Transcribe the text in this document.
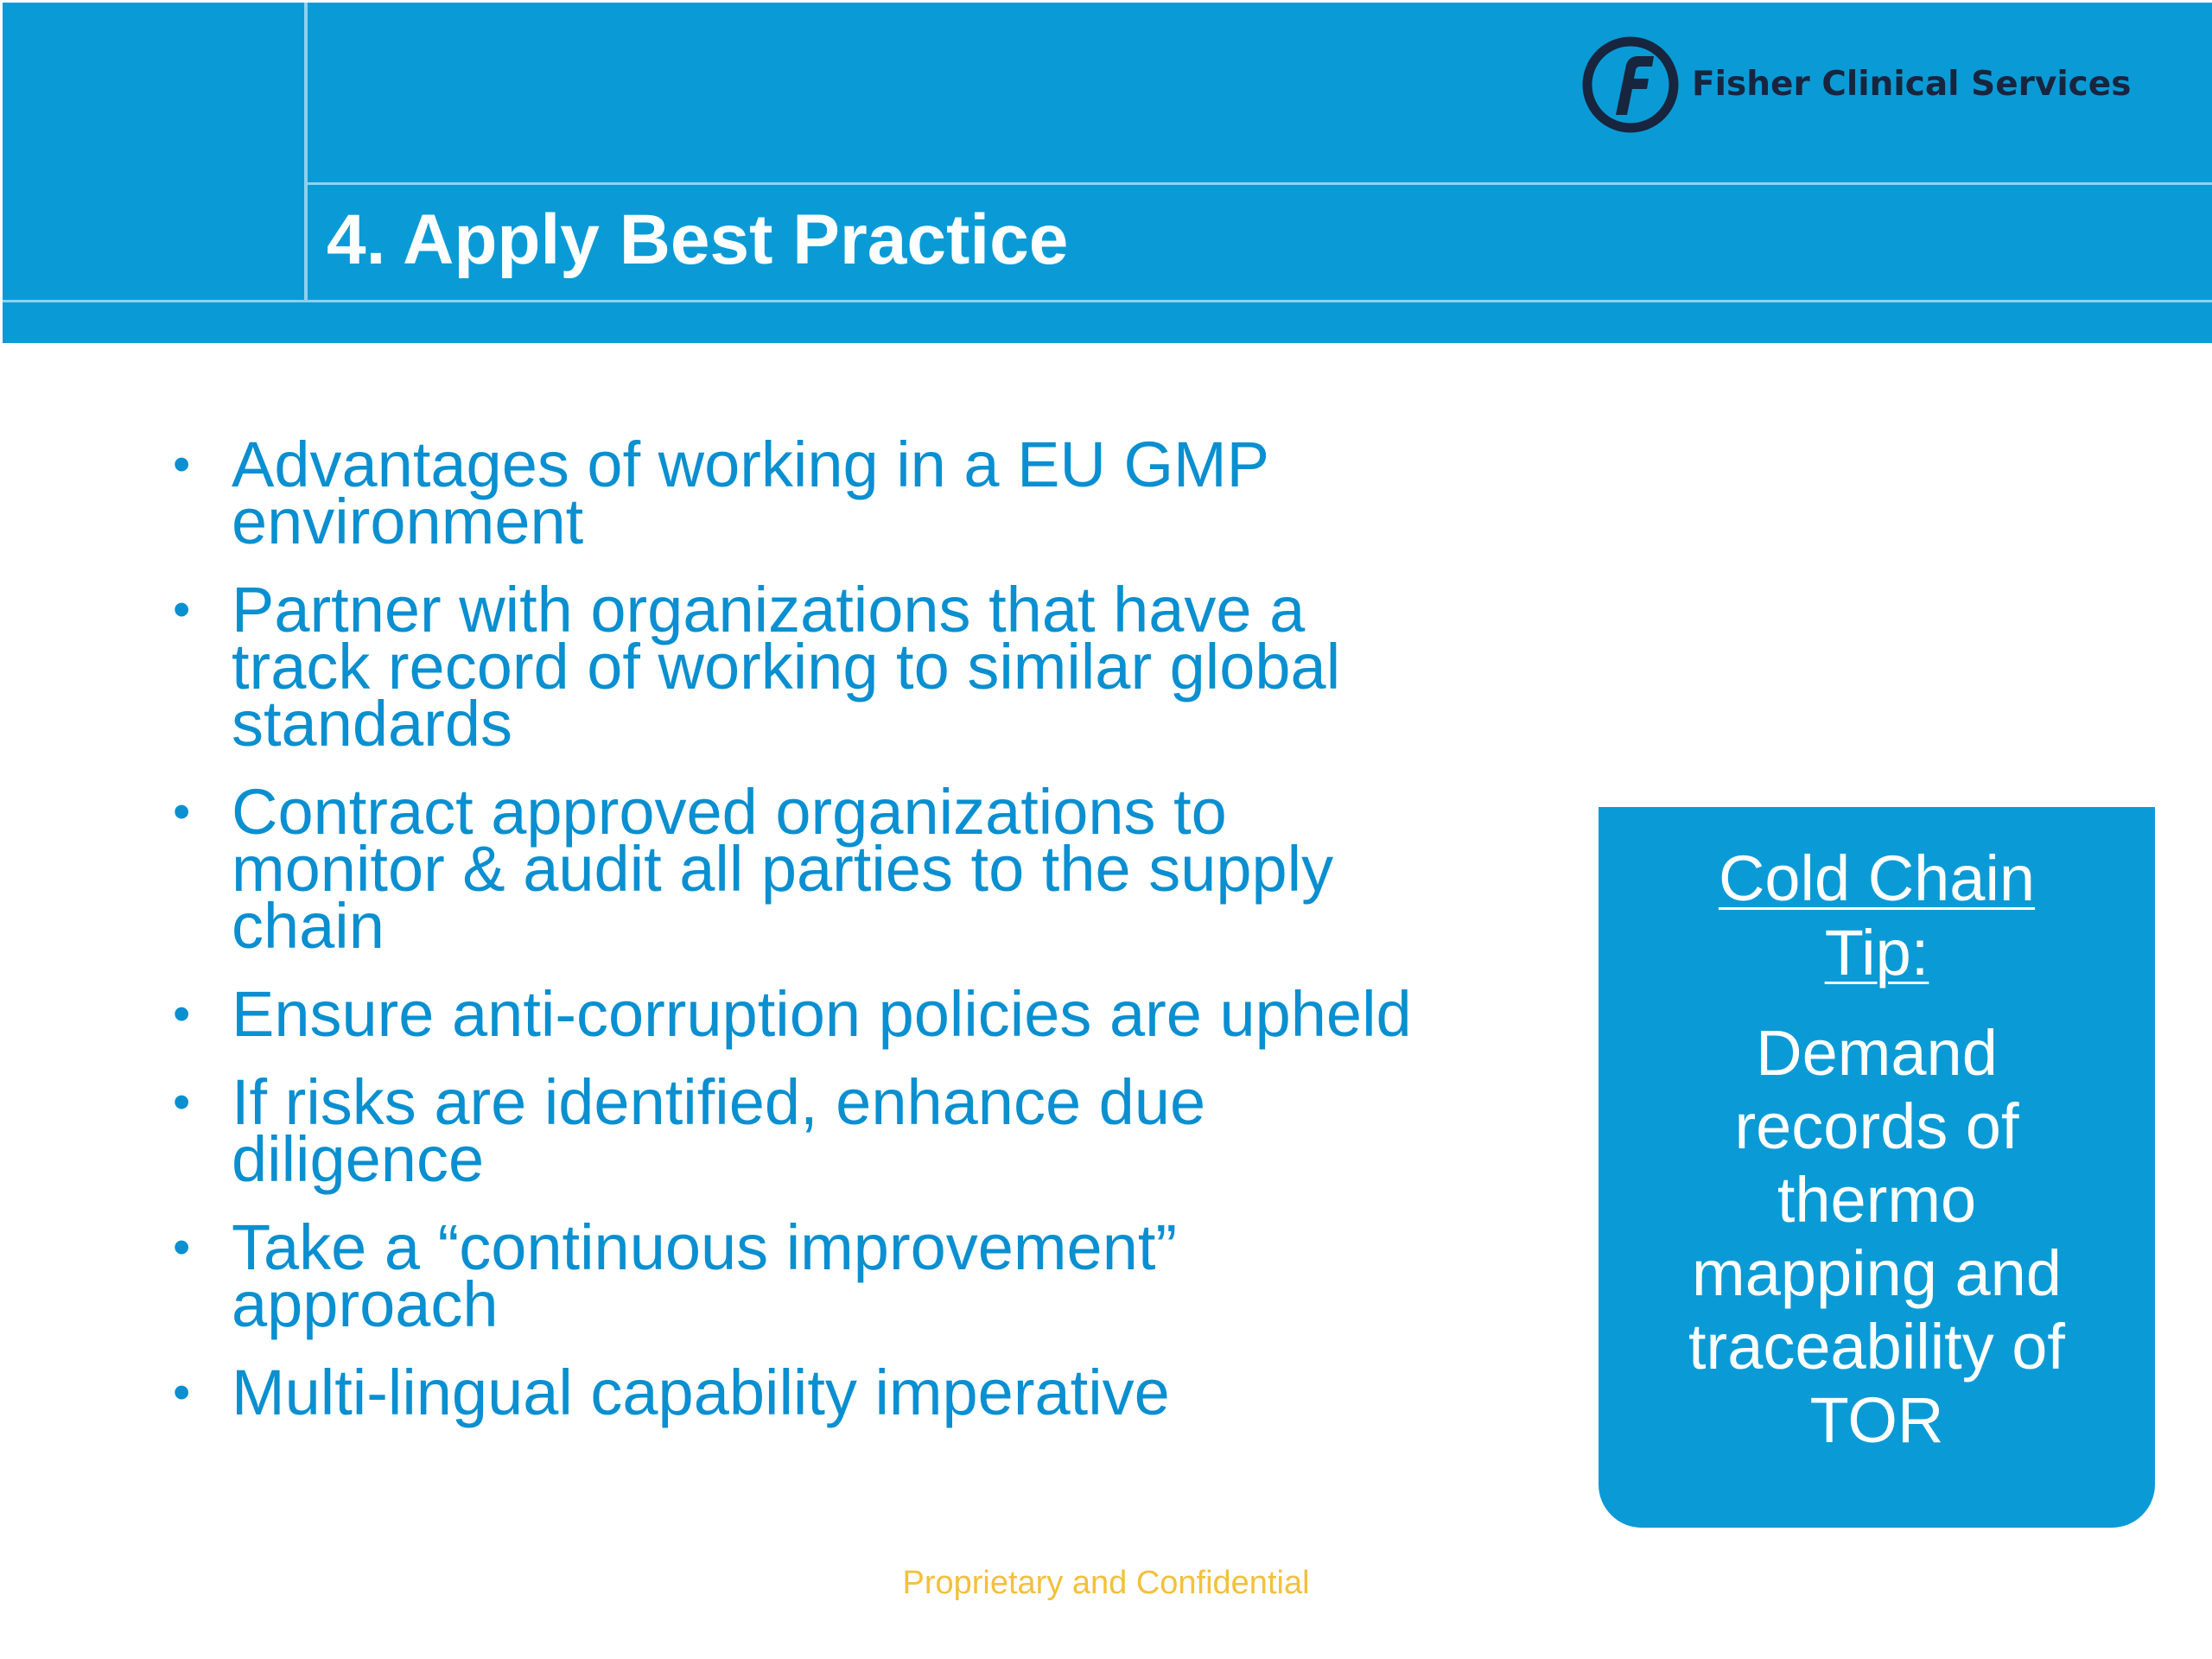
4. Apply Best Practice
Fisher Clinical Services
• Advantages of working in a EU GMP
environment
• Partner with organizations that have a
track record of working to similar global
standards
• Contract approved organizations to
monitor & audit all parties to the supply
chain
• Ensure anti-corruption policies are upheld
• If risks are identified, enhance due
diligence
• Take a “continuous improvement”
approach
• Multi-lingual capability imperative
Cold Chain
Tip:
Demand
records of
thermo
mapping and
traceability of
TOR
Proprietary and Confidential
